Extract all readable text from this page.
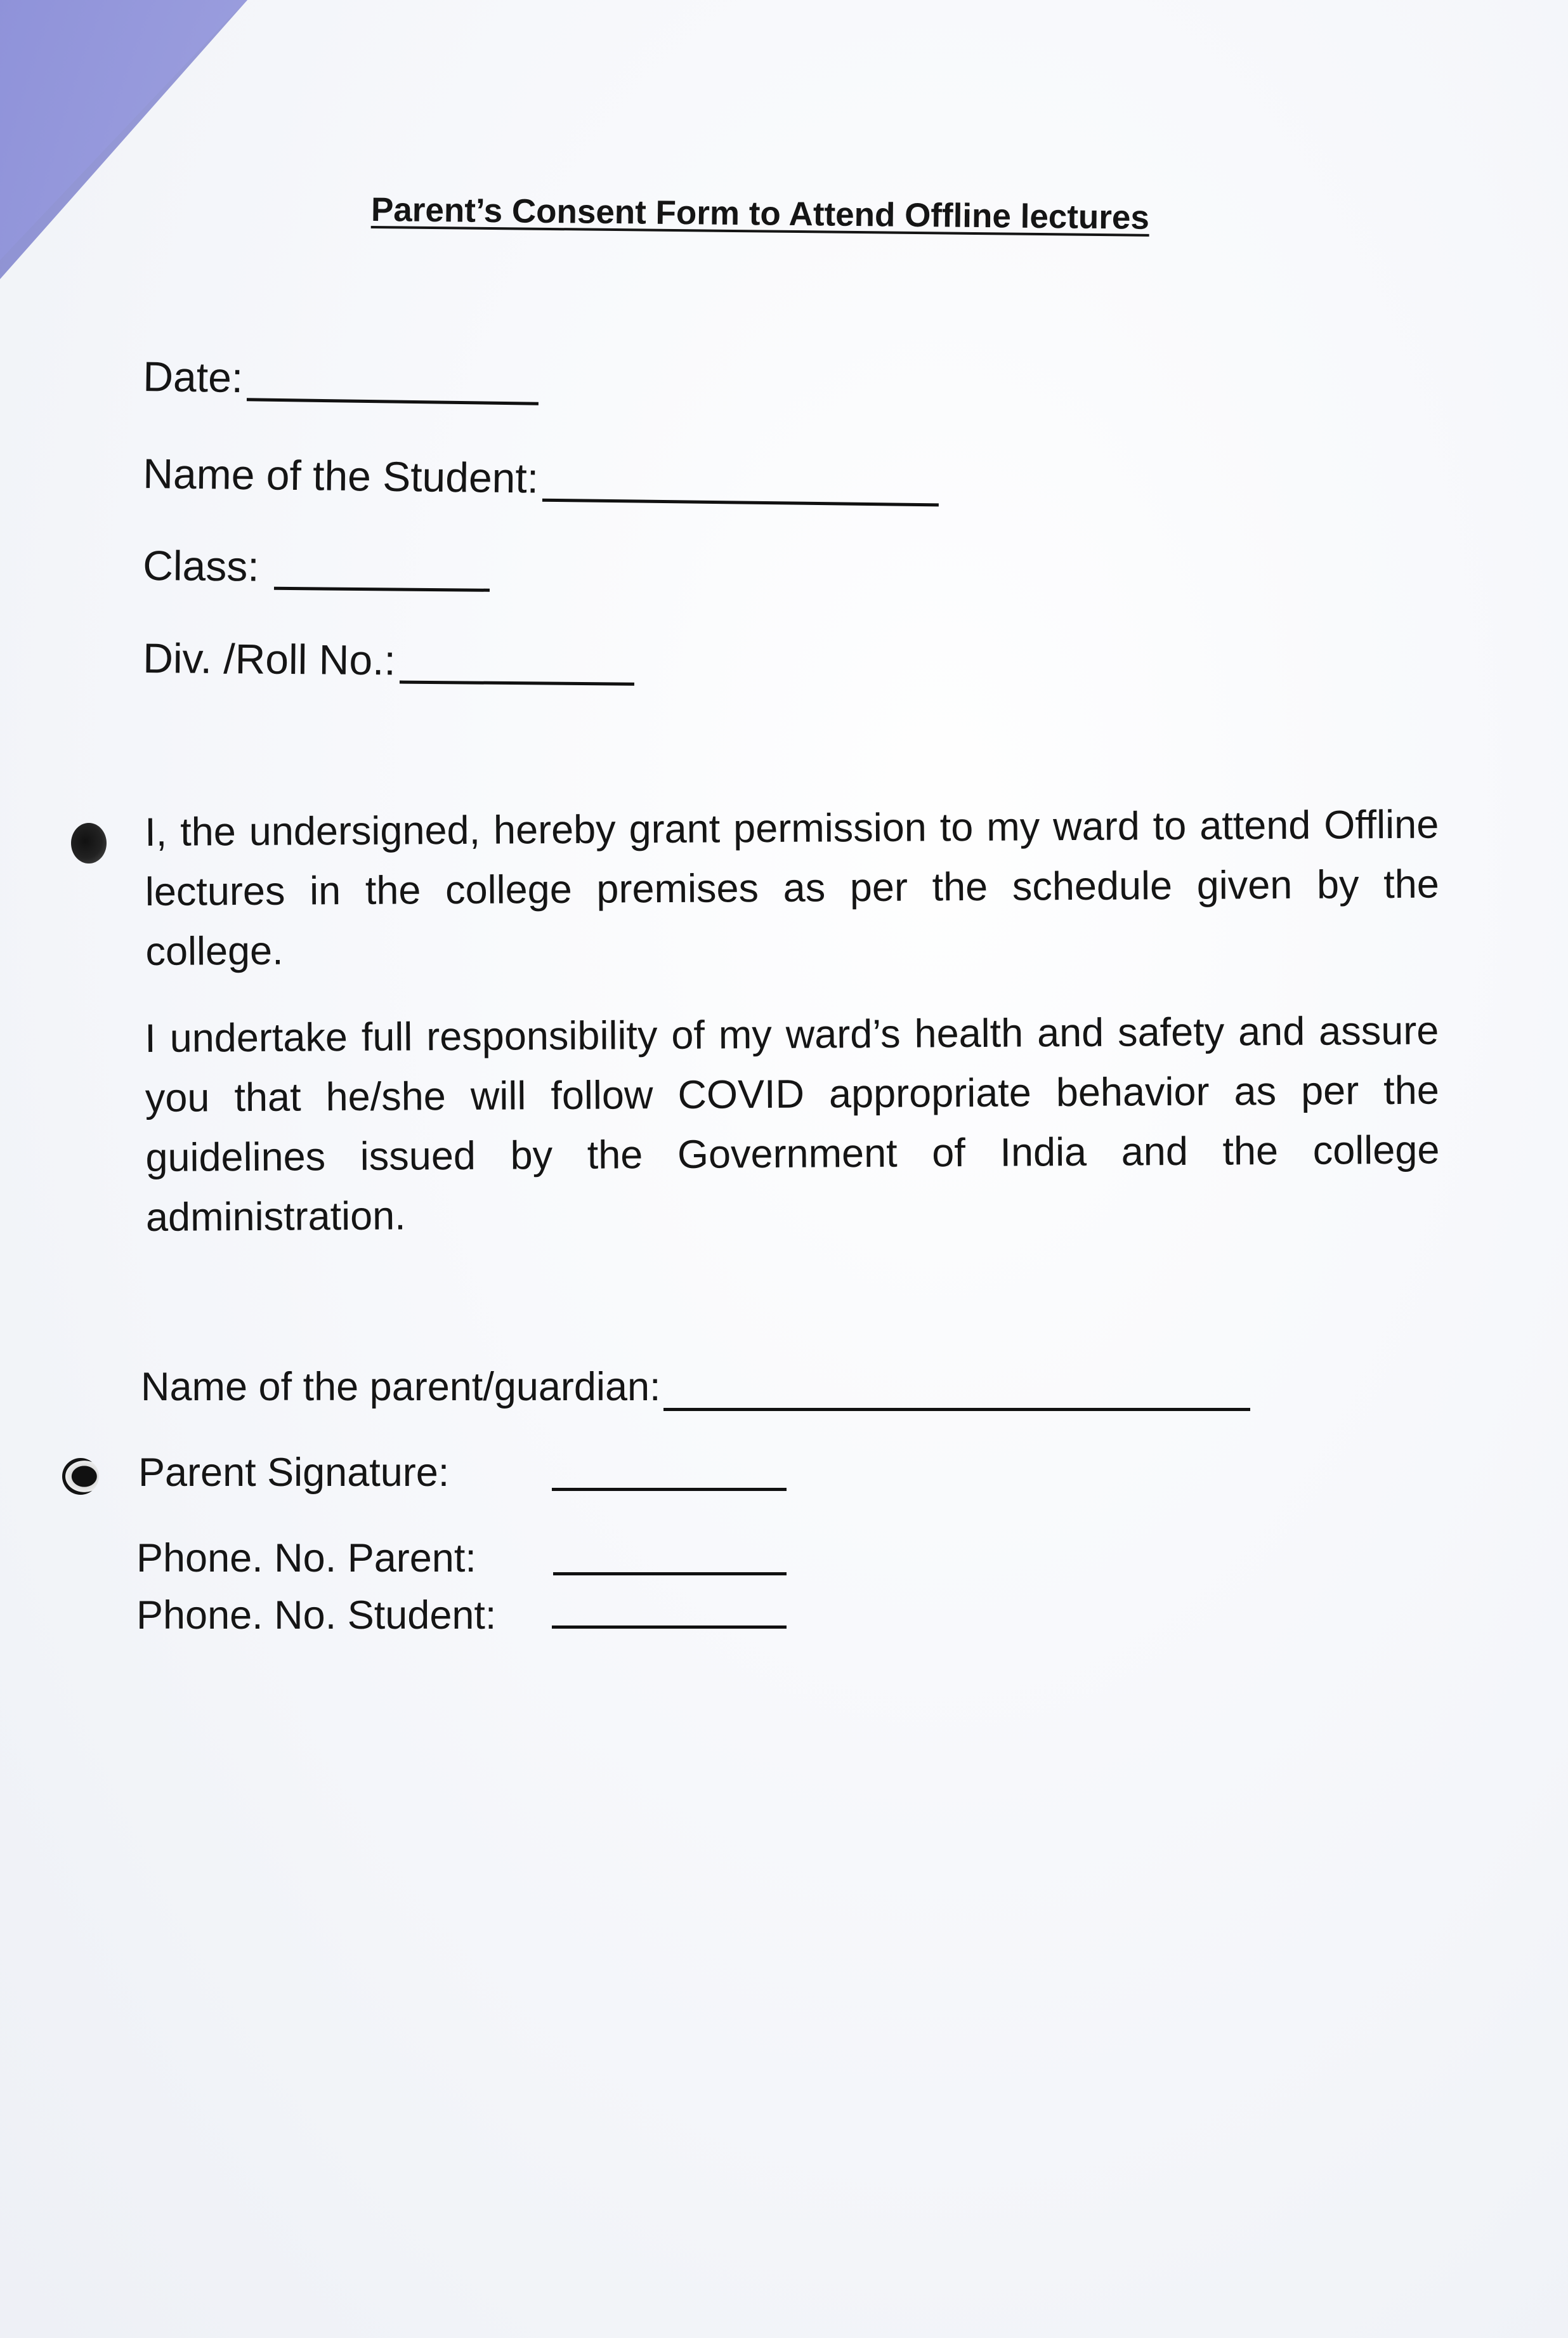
Parent’s Consent Form to Attend Offline lectures
Date:
Name of the Student:
Class:
Div. /Roll No.:

I, the undersigned, hereby grant permission to my ward to attend Offline lectures in the college premises as per the schedule given by the college.

I undertake full responsibility of my ward’s health and safety and assure you that he/she will follow COVID appropriate behavior as per the guidelines issued by the Government of India and the college administration.

Name of the parent/guardian:
Parent Signature:
Phone. No. Parent:
Phone. No. Student:
